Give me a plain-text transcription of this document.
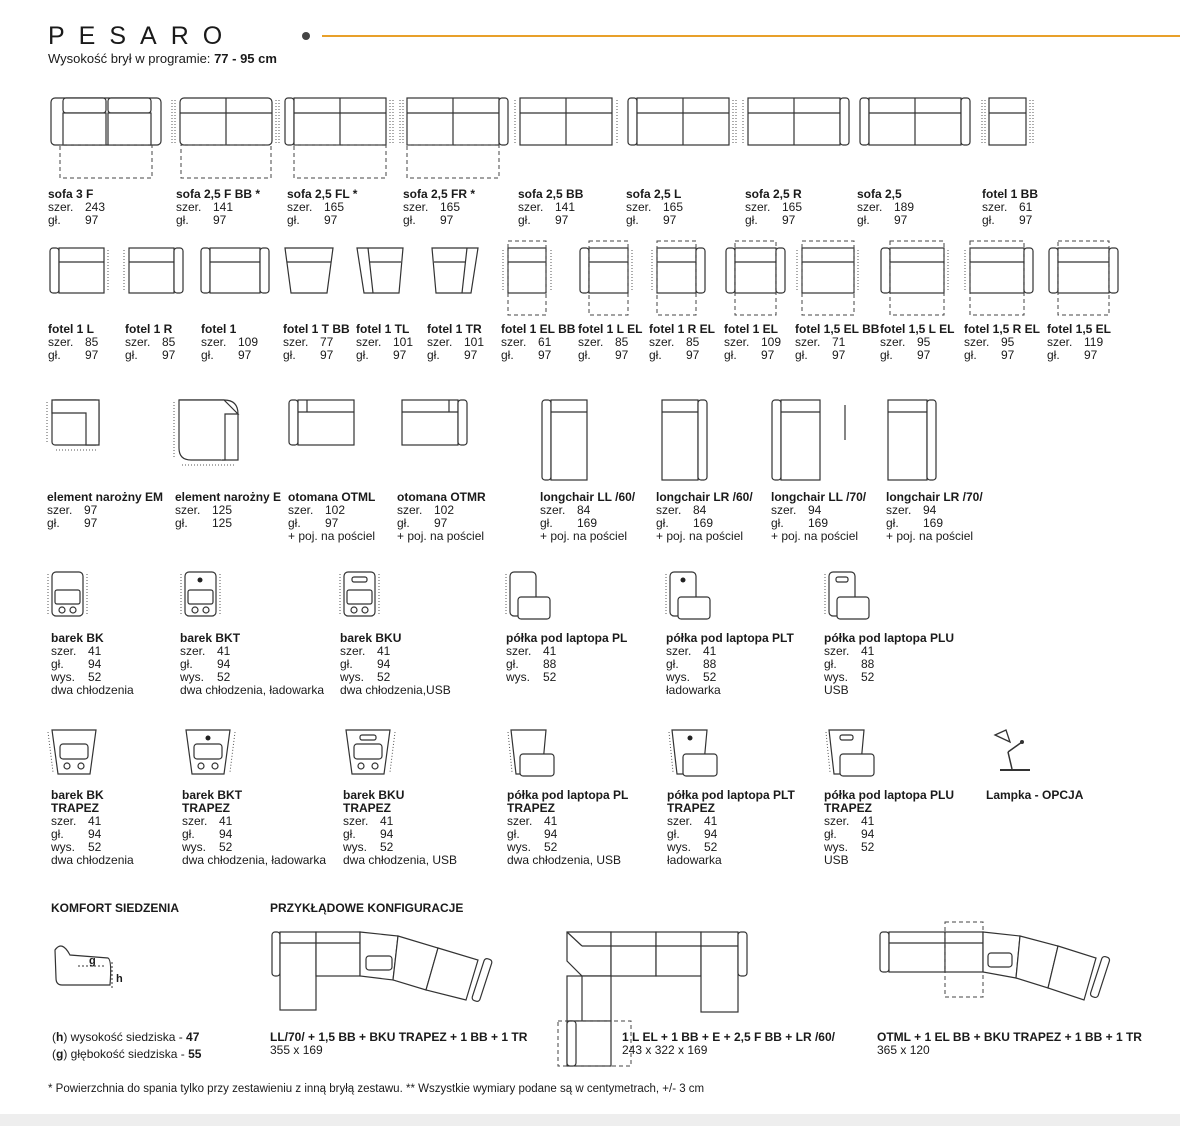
PESARO
Wysokość brył w programie: 77 - 95 cm
sofa 3 F
szer. 243
gł. 97
sofa 2,5 F BB *
szer. 141
gł. 97
sofa 2,5 FL *
szer. 165
gł. 97
sofa 2,5 FR *
szer. 165
gł. 97
sofa 2,5 BB
szer. 141
gł. 97
sofa 2,5 L
szer. 165
gł. 97
sofa 2,5 R
szer. 165
gł. 97
sofa 2,5
szer. 189
gł. 97
fotel 1 BB
szer. 61
gł. 97
fotel 1 L
szer. 85
gł. 97
fotel 1 R
szer. 85
gł. 97
fotel 1
szer. 109
gł. 97
fotel 1 T BB
szer. 77
gł. 97
fotel 1 TL
szer. 101
gł. 97
fotel 1 TR
szer. 101
gł. 97
fotel 1 EL BB
szer. 61
gł. 97
fotel 1 L EL
szer. 85
gł. 97
fotel 1 R EL
szer. 85
gł. 97
fotel 1 EL
szer. 109
gł. 97
fotel 1,5 EL BB
szer. 71
gł. 97
fotel 1,5 L EL
szer. 95
gł. 97
fotel 1,5 R EL
szer. 95
gł. 97
fotel 1,5 EL
szer. 119
gł. 97
element narożny EM
szer. 97
gł. 97
element narożny E
szer. 125
gł. 125
otomana OTML
szer. 102
gł. 97
+ poj. na pościel
otomana OTMR
szer. 102
gł. 97
+ poj. na pościel
longchair LL /60/
szer. 84
gł. 169
+ poj. na pościel
longchair LR /60/
szer. 84
gł. 169
+ poj. na pościel
longchair LL /70/
szer. 94
gł. 169
+ poj. na pościel
longchair LR /70/
szer. 94
gł. 169
+ poj. na pościel
barek BK
szer. 41
gł. 94
wys. 52
dwa chłodzenia
barek BKT
szer. 41
gł. 94
wys. 52
dwa chłodzenia, ładowarka
barek BKU
szer. 41
gł. 94
wys. 52
dwa chłodzenia,USB
półka pod laptopa PL
szer. 41
gł. 88
wys. 52
półka pod laptopa PLT
szer. 41
gł. 88
wys. 52
ładowarka
półka pod laptopa PLU
szer. 41
gł. 88
wys. 52
USB
barek BK
TRAPEZ
szer. 41
gł. 94
wys. 52
dwa chłodzenia
barek BKT
TRAPEZ
szer. 41
gł. 94
wys. 52
dwa chłodzenia, ładowarka
barek BKU
TRAPEZ
szer. 41
gł. 94
wys. 52
dwa chłodzenia, USB
półka pod laptopa PL
TRAPEZ
szer. 41
gł. 94
wys. 52
dwa chłodzenia, USB
półka pod laptopa PLT
TRAPEZ
szer. 41
gł. 94
wys. 52
ładowarka
półka pod laptopa PLU
TRAPEZ
szer. 41
gł. 94
wys. 52
USB
Lampka - OPCJA
KOMFORT SIEDZENIA
g
h
(h) wysokość siedziska - 47
(g) głębokość siedziska - 55
PRZYKŁĄDOWE KONFIGURACJE
LL/70/ + 1,5 BB + BKU TRAPEZ + 1 BB + 1 TR
355 x 169
1 L EL + 1 BB + E + 2,5 F BB + LR /60/
243 x 322 x 169
OTML + 1 EL BB + BKU TRAPEZ + 1 BB + 1 TR
365 x 120
* Powierzchnia do spania tylko przy zestawieniu z inną bryłą zestawu. ** Wszystkie wymiary podane są w centymetrach, +/- 3 cm
